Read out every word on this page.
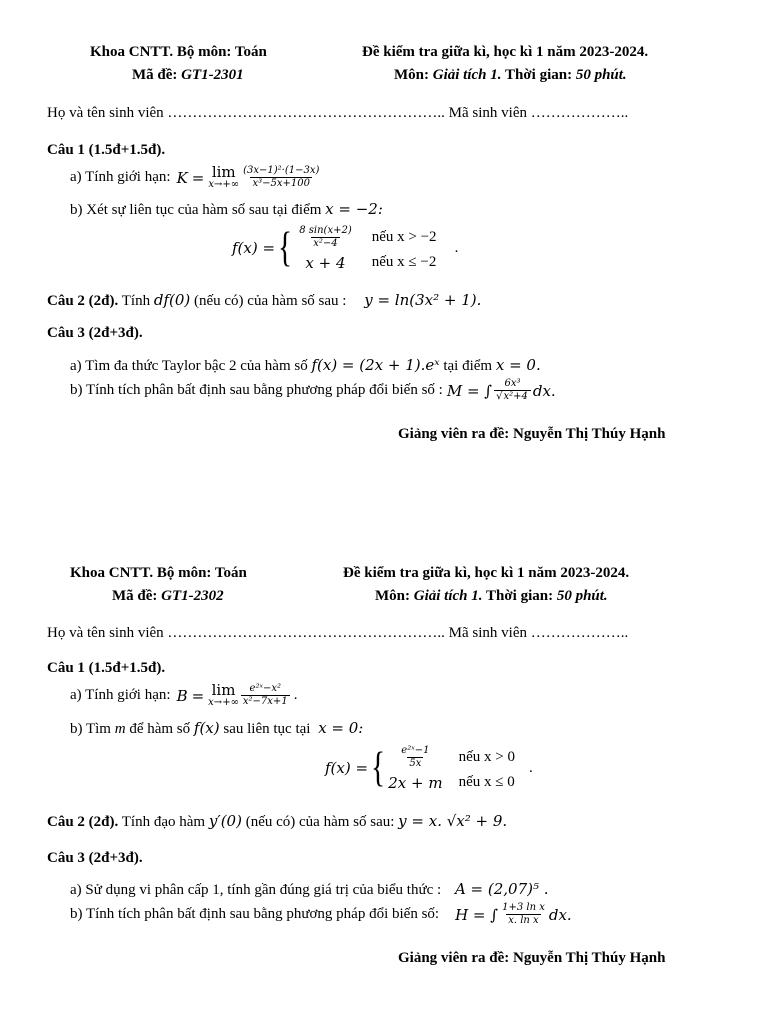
Khoa CNTT. Bộ môn: Toán
Mã đề: GT1-2301
Đề kiểm tra giữa kì, học kì 1 năm 2023-2024.
Môn: Giải tích 1. Thời gian: 50 phút.
Họ và tên sinh viên ……………………………………………….. Mã sinh viên ………………..
Câu 1 (1.5đ+1.5đ).
a) Tính giới hạn: K = lim
$x\to+\infty \frac{\text{(3x−1)²·(1−3x)}}{\text{x³−5x+100}}$
b) Xét sự liên tục của hàm số sau tại điểm x = −2:
f(x) = { $\frac{8 \sin(x+2)}{\text{x²−4}}$ nếu x > −2
x + 4	nếu x ≤ −2
.
Câu 2 (2đ). Tính df(0) (nếu có) của hàm số sau : y = ln(3x² + 1).
Câu 3 (2đ+3đ).
a) Tìm đa thức Taylor bậc 2 của hàm số f(x) = (2x + 1).eˣ tại điểm x = 0.
b) Tính tích phân bất định sau bằng phương pháp đổi biến số : M = ∫ $\frac{\text{6x³}}{\text{√x²+4}}$ dx.
Giảng viên ra đề: Nguyễn Thị Thúy Hạnh
Khoa CNTT. Bộ môn: Toán
Mã đề: GT1-2302
Đề kiểm tra giữa kì, học kì 1 năm 2023-2024.
Môn: Giải tích 1. Thời gian: 50 phút.
Họ và tên sinh viên ……………………………………………….. Mã sinh viên ………………..
Câu 1 (1.5đ+1.5đ).
a) Tính giới hạn: B = lim
$x\to+\infty \frac{\text{e²ˣ−x²}}{\text{x²−7x+1}}$ .
b) Tìm m để hàm số f(x) sau liên tục tại x = 0:
f(x) = { $\frac{\text{e²ˣ−1}}{5x}$ nếu x > 0
2x + m nếu x ≤ 0
.
Câu 2 (2đ). Tính đạo hàm y′(0) (nếu có) của hàm số sau: y = x. √x² + 9.
Câu 3 (2đ+3đ).
a) Sử dụng vi phân cấp 1, tính gần đúng giá trị của biểu thức : A = (2,07)⁵ .
b) Tính tích phân bất định sau bằng phương pháp đổi biến số: H = ∫ $\frac{\text{1+3 ln x}}{\text{x. ln x}}$ dx.
Giảng viên ra đề: Nguyễn Thị Thúy Hạnh
